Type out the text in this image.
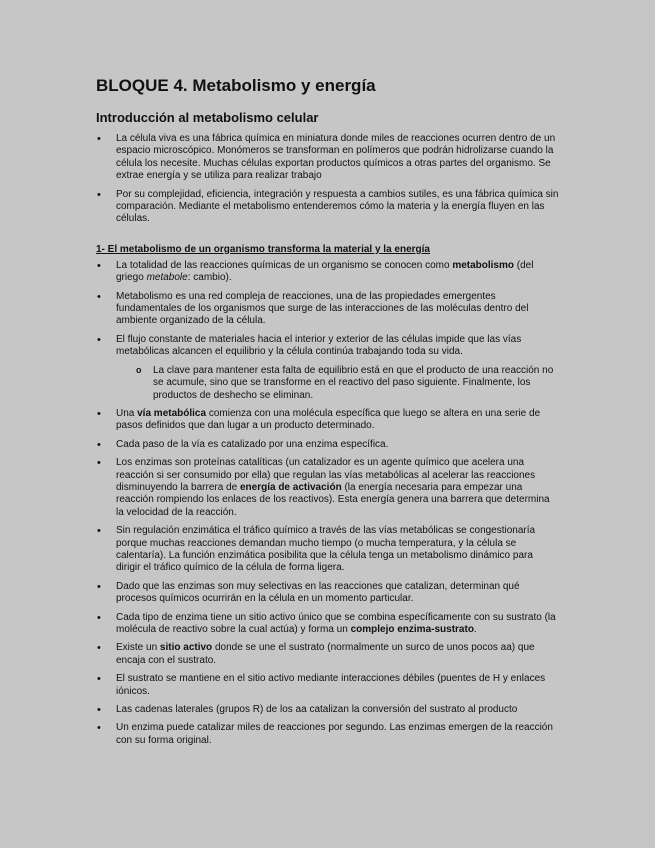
BLOQUE 4. Metabolismo y energía
Introducción al metabolismo celular
• La célula viva es una fábrica química en miniatura donde miles de reacciones ocurren dentro de un espacio microscópico. Monómeros se transforman en polímeros que podrán hidrolizarse cuando la célula los necesite. Muchas células exportan productos químicos a otras partes del organismo. Se extrae energía y se utiliza para realizar trabajo
• Por su complejidad, eficiencia, integración y respuesta a cambios sutiles, es una fábrica química sin comparación. Mediante el metabolismo entenderemos cómo la materia y la energía fluyen en las células.
1- El metabolismo de un organismo transforma la material y la energía
• La totalidad de las reacciones químicas de un organismo se conocen como metabolismo (del griego metabole: cambio).
• Metabolismo es una red compleja de reacciones, una de las propiedades emergentes fundamentales de los organismos que surge de las interacciones de las moléculas dentro del ambiente organizado de la célula.
• El flujo constante de materiales hacia el interior y exterior de las células impide que las vías metabólicas alcancen el equilibrio y la célula continúa trabajando toda su vida.
o La clave para mantener esta falta de equilibrio está en que el producto de una reacción no se acumule, sino que se transforme en el reactivo del paso siguiente. Finalmente, los productos de deshecho se eliminan.
• Una vía metabólica comienza con una molécula específica que luego se altera en una serie de pasos definidos que dan lugar a un producto determinado.
• Cada paso de la vía es catalizado por una enzima específica.
• Los enzimas son proteínas catalíticas (un catalizador es un agente químico que acelera una reacción si ser consumido por ella) que regulan las vías metabólicas al acelerar las reacciones disminuyendo la barrera de energía de activación (la energía necesaria para empezar una reacción rompiendo los enlaces de los reactivos). Esta energía genera una barrera que determina la velocidad de la reacción.
• Sin regulación enzimática el tráfico químico a través de las vías metabólicas se congestionaría porque muchas reacciones demandan mucho tiempo (o mucha temperatura, y la célula se calentaría). La función enzimática posibilita que la célula tenga un metabolismo dinámico para dirigir el tráfico químico de la célula de forma ligera.
• Dado que las enzimas son muy selectivas en las reacciones que catalizan, determinan qué procesos químicos ocurrirán en la célula en un momento particular.
• Cada tipo de enzima tiene un sitio activo único que se combina específicamente con su sustrato (la molécula de reactivo sobre la cual actúa) y forma un complejo enzima-sustrato.
• Existe un sitio activo donde se une el sustrato (normalmente un surco de unos pocos aa) que encaja con el sustrato.
• El sustrato se mantiene en el sitio activo mediante interacciones débiles (puentes de H y enlaces iónicos.
• Las cadenas laterales (grupos R) de los aa catalizan la conversión del sustrato al producto
• Un enzima puede catalizar miles de reacciones por segundo. Las enzimas emergen de la reacción con su forma original.
